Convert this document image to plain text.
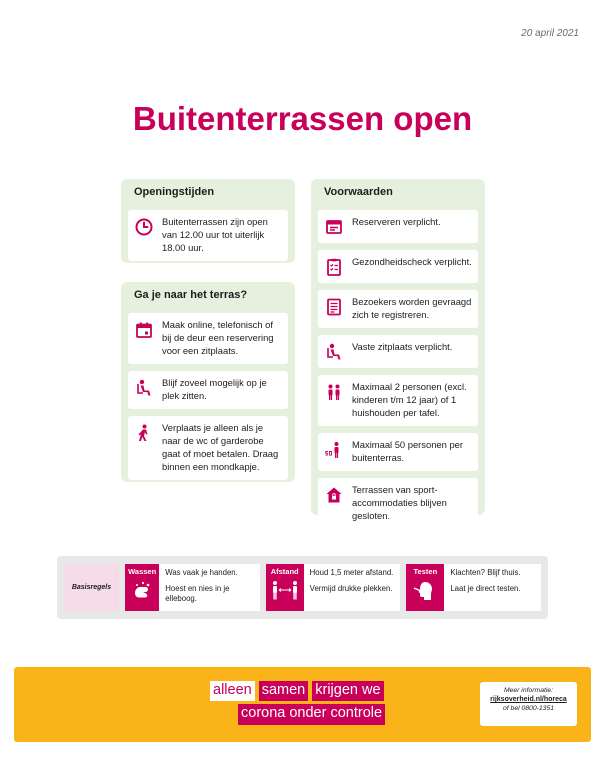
20 april 2021
Buitenterrassen open
Openingstijden
Buitenterrassen zijn open van 12.00 uur tot uiterlijk 18.00 uur.
Ga je naar het terras?
Maak online, telefonisch of bij de deur een reservering voor een zitplaats.
Blijf zoveel mogelijk op je plek zitten.
Verplaats je alleen als je naar de wc of garderobe gaat of moet betalen. Draag binnen een mondkapje.
Voorwaarden
Reserveren verplicht.
Gezondheidscheck verplicht.
Bezoekers worden gevraagd zich te registreren.
Vaste zitplaats verplicht.
Maximaal 2 personen (excl. kinderen t/m 12 jaar) of 1 huishouden per tafel.
Maximaal 50 personen per buitenterras.
Terrassen van sport-accommodaties blijven gesloten.
Basisregels
Wassen Was vaak je handen.
Hoest en nies in je elleboog.
Afstand Houd 1,5 meter afstand.
Vermijd drukke plekken.
Testen Klachten? Blijf thuis.
Laat je direct testen.
alleen samen krijgen we
corona onder controle
Meer informatie:
rijksoverheid.nl/horeca
of bel 0800-1351
